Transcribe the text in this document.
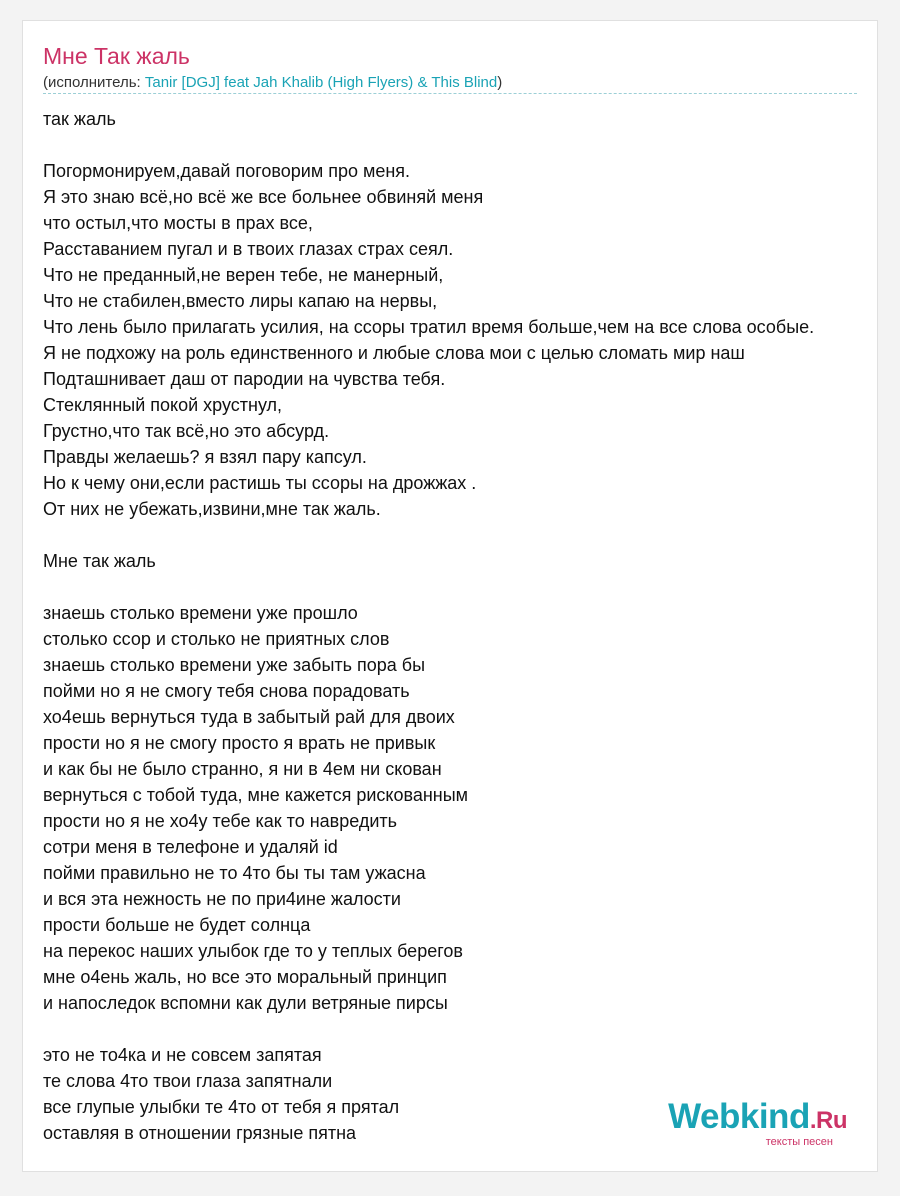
Мне Так жаль
(исполнитель: Tanir [DGJ] feat Jah Khalib (High Flyers) & This Blind)
так жаль
Погормонируем,давай поговорим про меня.
Я это знаю всё,но всё же все больнее обвиняй меня
что остыл,что мосты в прах все,
Расставанием пугал и в твоих глазах страх сеял.
Что не преданный,не верен тебе, не манерный,
Что не стабилен,вместо лиры капаю на нервы,
Что лень было прилагать усилия, на ссоры тратил время больше,чем на все слова особые.
Я не подхожу на роль единственного и любые слова мои с целью сломать мир наш
Подташнивает даш от пародии на чувства тебя.
Стеклянный покой хрустнул,
Грустно,что так всё,но это абсурд.
Правды желаешь? я взял пару капсул.
Но к чему они,если растишь ты ссоры на дрожжах .
От них не убежать,извини,мне так жаль.
Мне так жаль
знаешь столько времени уже прошло
столько ссор и столько не приятных слов
знаешь столько времени уже забыть пора бы
пойми но я не смогу тебя снова порадовать
хо4ешь вернуться туда в забытый рай для двоих
прости но я не смогу просто я врать не привык
и как бы не было странно, я ни в 4ем ни скован
вернуться с тобой туда, мне кажется рискованным
прости но я не хо4у тебе как то навредить
сотри меня в телефоне и удаляй id
пойми правильно не то 4то бы ты там ужасна
и вся эта нежность не по при4ине жалости
прости больше не будет солнца
на перекос наших улыбок где то у теплых берегов
мне о4ень жаль, но все это моральный принцип
и напоследок вспомни как дули ветряные пирсы
это не то4ка и не совсем запятая
те слова 4то твои глаза запятнали
все глупые улыбки те 4то от тебя я прятал
оставляя в отношении грязные пятна	Webkind.Ru
тексты песен
